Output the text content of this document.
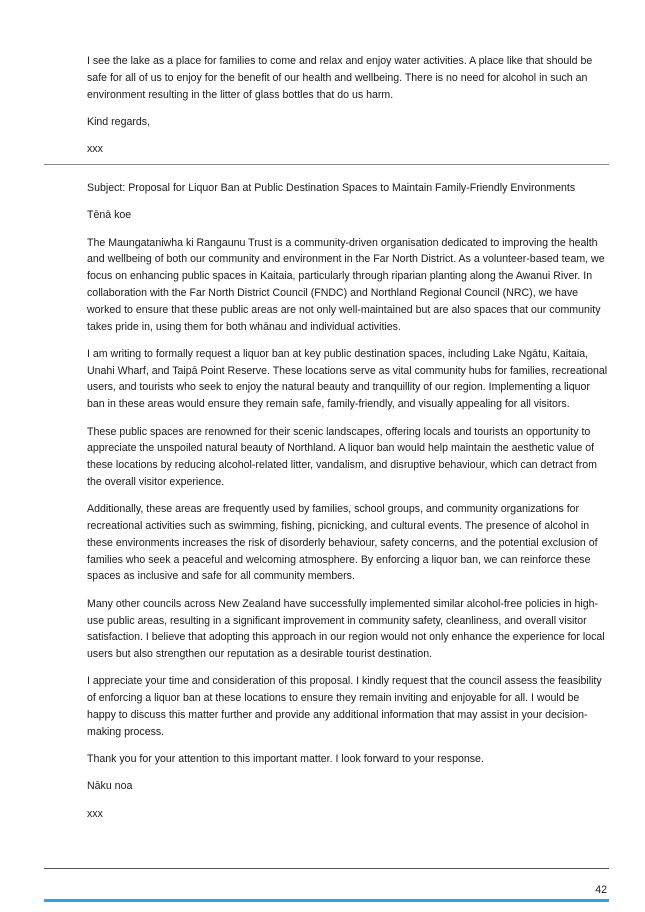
I see the lake as a place for families to come and relax and enjoy water activities. A place like that should be safe for all of us to enjoy for the benefit of our health and wellbeing. There is no need for alcohol in such an environment resulting in the litter of glass bottles that do us harm.

Kind regards,

xxx

Subject: Proposal for Liquor Ban at Public Destination Spaces to Maintain Family-Friendly Environments

Tēnā koe

The Maungataniwha ki Rangaunu Trust is a community-driven organisation dedicated to improving the health and wellbeing of both our community and environment in the Far North District. As a volunteer-based team, we focus on enhancing public spaces in Kaitaia, particularly through riparian planting along the Awanui River. In collaboration with the Far North District Council (FNDC) and Northland Regional Council (NRC), we have worked to ensure that these public areas are not only well-maintained but are also spaces that our community takes pride in, using them for both whānau and individual activities.

I am writing to formally request a liquor ban at key public destination spaces, including Lake Ngātu, Kaitaia, Unahi Wharf, and Taipā Point Reserve. These locations serve as vital community hubs for families, recreational users, and tourists who seek to enjoy the natural beauty and tranquillity of our region. Implementing a liquor ban in these areas would ensure they remain safe, family-friendly, and visually appealing for all visitors.

These public spaces are renowned for their scenic landscapes, offering locals and tourists an opportunity to appreciate the unspoiled natural beauty of Northland. A liquor ban would help maintain the aesthetic value of these locations by reducing alcohol-related litter, vandalism, and disruptive behaviour, which can detract from the overall visitor experience.

Additionally, these areas are frequently used by families, school groups, and community organizations for recreational activities such as swimming, fishing, picnicking, and cultural events. The presence of alcohol in these environments increases the risk of disorderly behaviour, safety concerns, and the potential exclusion of families who seek a peaceful and welcoming atmosphere. By enforcing a liquor ban, we can reinforce these spaces as inclusive and safe for all community members.

Many other councils across New Zealand have successfully implemented similar alcohol-free policies in high-use public areas, resulting in a significant improvement in community safety, cleanliness, and overall visitor satisfaction. I believe that adopting this approach in our region would not only enhance the experience for local users but also strengthen our reputation as a desirable tourist destination.

I appreciate your time and consideration of this proposal. I kindly request that the council assess the feasibility of enforcing a liquor ban at these locations to ensure they remain inviting and enjoyable for all. I would be happy to discuss this matter further and provide any additional information that may assist in your decision-making process.

Thank you for your attention to this important matter. I look forward to your response.

Nāku noa

xxx

42
